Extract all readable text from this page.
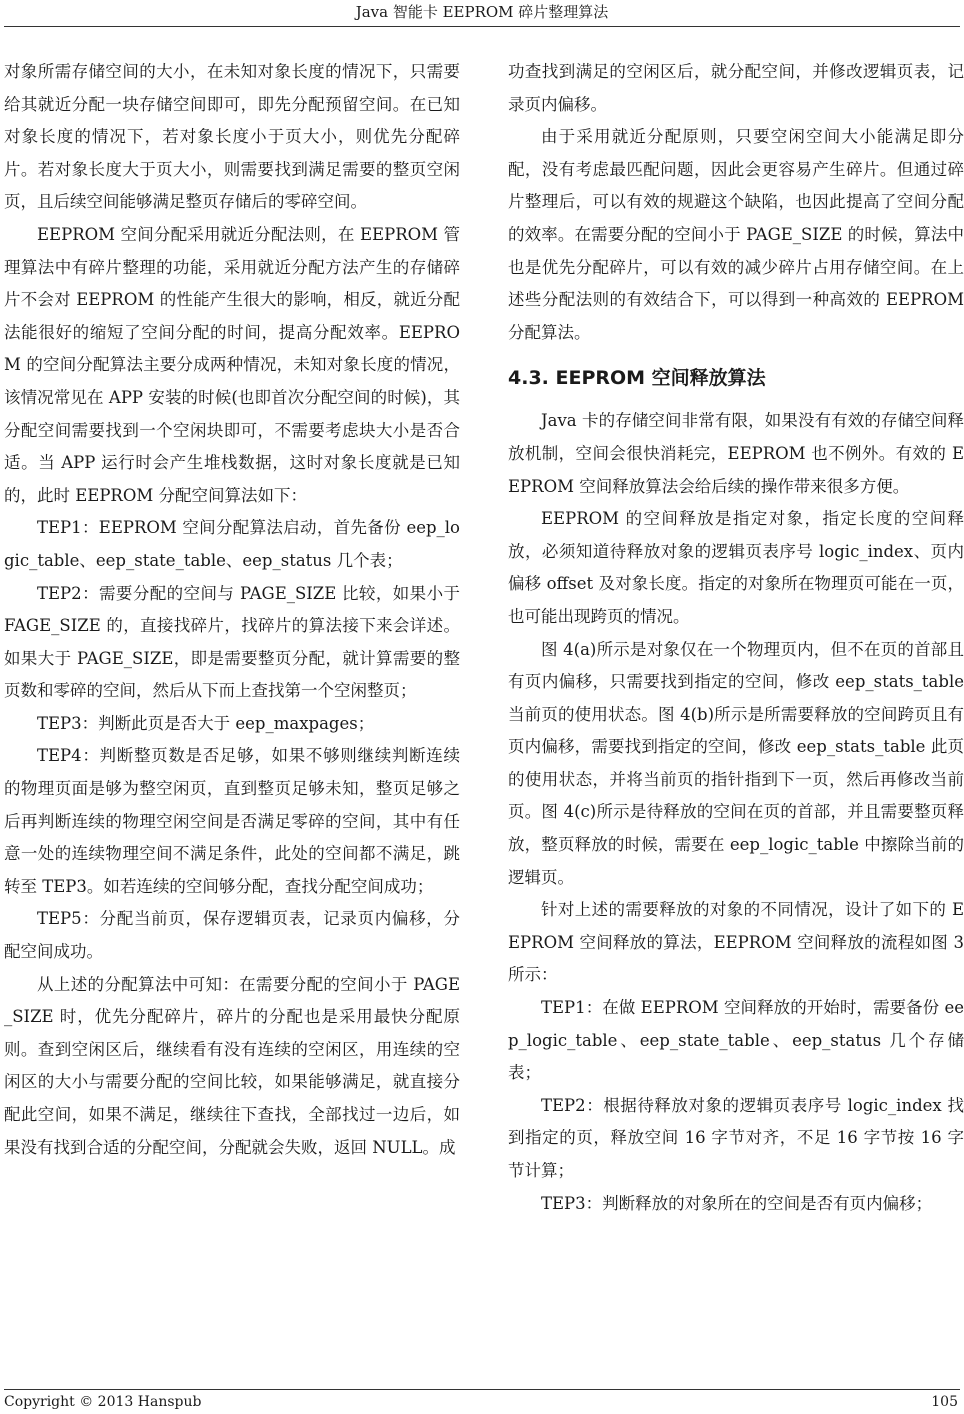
Java 智能卡 EEPROM 碎片整理算法

对象所需存储空间的大小，在未知对象长度的情况下，只需要给其就近分配一块存储空间即可，即先分配预留空间。在已知对象长度的情况下，若对象长度小于页大小，则优先分配碎片。若对象长度大于页大小，则需要找到满足需要的整页空闲页，且后续空间能够满足整页存储后的零碎空间。

EEPROM 空间分配采用就近分配法则，在 EEPROM 管理算法中有碎片整理的功能，采用就近分配方法产生的存储碎片不会对 EEPROM 的性能产生很大的影响，相反，就近分配法能很好的缩短了空间分配的时间，提高分配效率。EEPROM 的空间分配算法主要分成两种情况，未知对象长度的情况，该情况常见在 APP 安装的时候(也即首次分配空间的时候)，其分配空间需要找到一个空闲块即可，不需要考虑块大小是否合适。当 APP 运行时会产生堆栈数据，这时对象长度就是已知的，此时 EEPROM 分配空间算法如下：

TEP1：EEPROM 空间分配算法启动，首先备份 eep_logic_table、eep_state_table、eep_status 几个表；

TEP2：需要分配的空间与 PAGE_SIZE 比较，如果小于 FAGE_SIZE 的，直接找碎片，找碎片的算法接下来会详述。如果大于 PAGE_SIZE，即是需要整页分配，就计算需要的整页数和零碎的空间，然后从下而上查找第一个空闲整页；

TEP3：判断此页是否大于 eep_maxpages；

TEP4：判断整页数是否足够，如果不够则继续判断连续的物理页面是够为整空闲页，直到整页足够未知，整页足够之后再判断连续的物理空闲空间是否满足零碎的空间，其中有任意一处的连续物理空间不满足条件，此处的空间都不满足，跳转至 TEP3。如若连续的空间够分配，查找分配空间成功；

TEP5：分配当前页，保存逻辑页表，记录页内偏移，分配空间成功。

从上述的分配算法中可知：在需要分配的空间小于 PAGE_SIZE 时，优先分配碎片，碎片的分配也是采用最快分配原则。查到空闲区后，继续看有没有连续的空闲区，用连续的空闲区的大小与需要分配的空间比较，如果能够满足，就直接分配此空间，如果不满足，继续往下查找，全部找过一边后，如果没有找到合适的分配空间，分配就会失败，返回 NULL。成

功查找到满足的空闲区后，就分配空间，并修改逻辑页表，记录页内偏移。

由于采用就近分配原则，只要空闲空间大小能满足即分配，没有考虑最匹配问题，因此会更容易产生碎片。但通过碎片整理后，可以有效的规避这个缺陷，也因此提高了空间分配的效率。在需要分配的空间小于 PAGE_SIZE 的时候，算法中也是优先分配碎片，可以有效的减少碎片占用存储空间。在上述些分配法则的有效结合下，可以得到一种高效的 EEPROM 分配算法。

4.3. EEPROM 空间释放算法

Java 卡的存储空间非常有限，如果没有有效的存储空间释放机制，空间会很快消耗完，EEPROM 也不例外。有效的 EEPROM 空间释放算法会给后续的操作带来很多方便。

EEPROM 的空间释放是指定对象，指定长度的空间释放，必须知道待释放对象的逻辑页表序号 logic_index、页内偏移 offset 及对象长度。指定的对象所在物理页可能在一页，也可能出现跨页的情况。

图 4(a)所示是对象仅在一个物理页内，但不在页的首部且有页内偏移，只需要找到指定的空间，修改 eep_stats_table 当前页的使用状态。图 4(b)所示是所需要释放的空间跨页且有页内偏移，需要找到指定的空间，修改 eep_stats_table 此页的使用状态，并将当前页的指针指到下一页，然后再修改当前页。图 4(c)所示是待释放的空间在页的首部，并且需要整页释放，整页释放的时候，需要在 eep_logic_table 中擦除当前的逻辑页。

针对上述的需要释放的对象的不同情况，设计了如下的 EEPROM 空间释放的算法，EEPROM 空间释放的流程如图 3 所示：

TEP1：在做 EEPROM 空间释放的开始时，需要备份 eep_logic_table、eep_state_table、eep_status 几个存储表；

TEP2：根据待释放对象的逻辑页表序号 logic_index 找到指定的页，释放空间 16 字节对齐，不足 16 字节按 16 字节计算；

TEP3：判断释放的对象所在的空间是否有页内偏移；

Copyright © 2013 Hanspub	105
